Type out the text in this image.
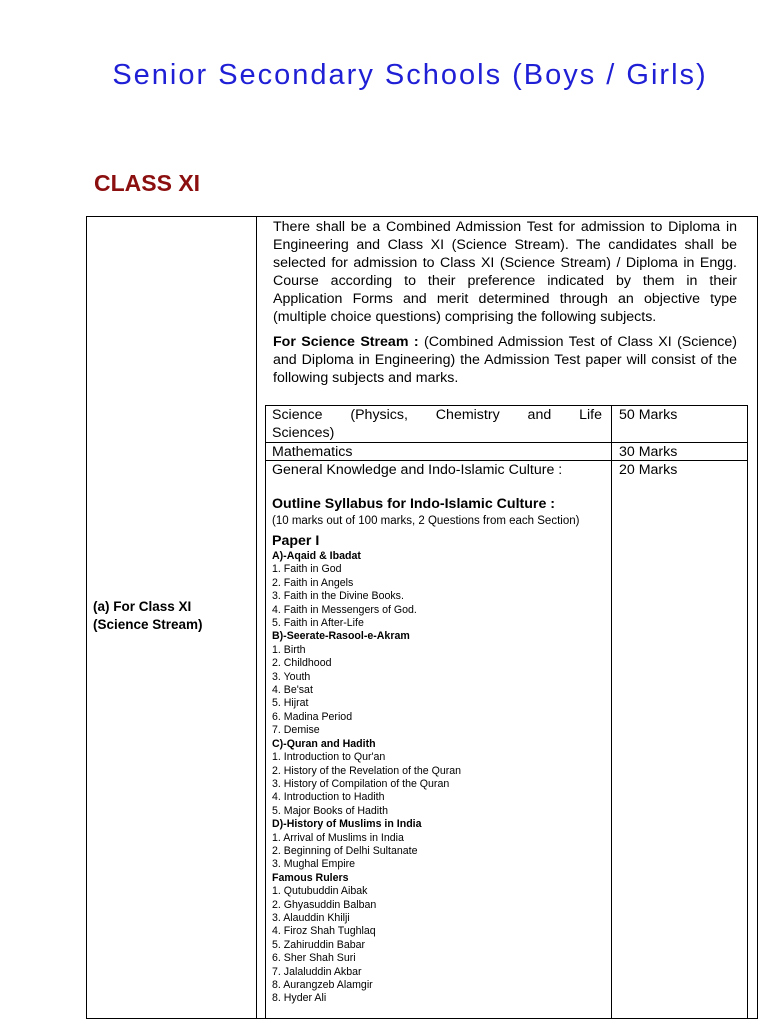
Senior Secondary Schools (Boys / Girls)
CLASS XI
(a) For Class XI
(Science Stream)

There shall be a Combined Admission Test for admission to Diploma in Engineering and Class XI (Science Stream). The candidates shall be selected for admission to Class XI (Science Stream) / Diploma in Engg. Course according to their preference indicated by them in their Application Forms and merit determined through an objective type (multiple choice questions) comprising the following subjects.

For Science Stream : (Combined Admission Test of Class XI (Science) and Diploma in Engineering) the Admission Test paper will consist of the following subjects and marks.

Science (Physics, Chemistry and Life
Sciences)
50 Marks
Mathematics	30 Marks
General Knowledge and Indo-Islamic Culture :	20 Marks
Outline Syllabus for Indo-Islamic Culture :
(10 marks out of 100 marks, 2 Questions from each Section)
Paper I
A)-Aqaid & Ibadat
1. Faith in God
2. Faith in Angels
3. Faith in the Divine Books.
4. Faith in Messengers of God.
5. Faith in After-Life
B)-Seerate-Rasool-e-Akram
1. Birth
2. Childhood
3. Youth
4. Be'sat
5. Hijrat
6. Madina Period
7. Demise
C)-Quran and Hadith
1. Introduction to Qur'an
2. History of the Revelation of the Quran
3. History of Compilation of the Quran
4. Introduction to Hadith
5. Major Books of Hadith
D)-History of Muslims in India
1. Arrival of Muslims in India
2. Beginning of Delhi Sultanate
3. Mughal Empire
Famous Rulers
1. Qutubuddin Aibak
2. Ghyasuddin Balban
3. Alauddin Khilji
4. Firoz Shah Tughlaq
5. Zahiruddin Babar
6. Sher Shah Suri
7. Jalaluddin Akbar
8. Aurangzeb Alamgir
8. Hyder Ali
